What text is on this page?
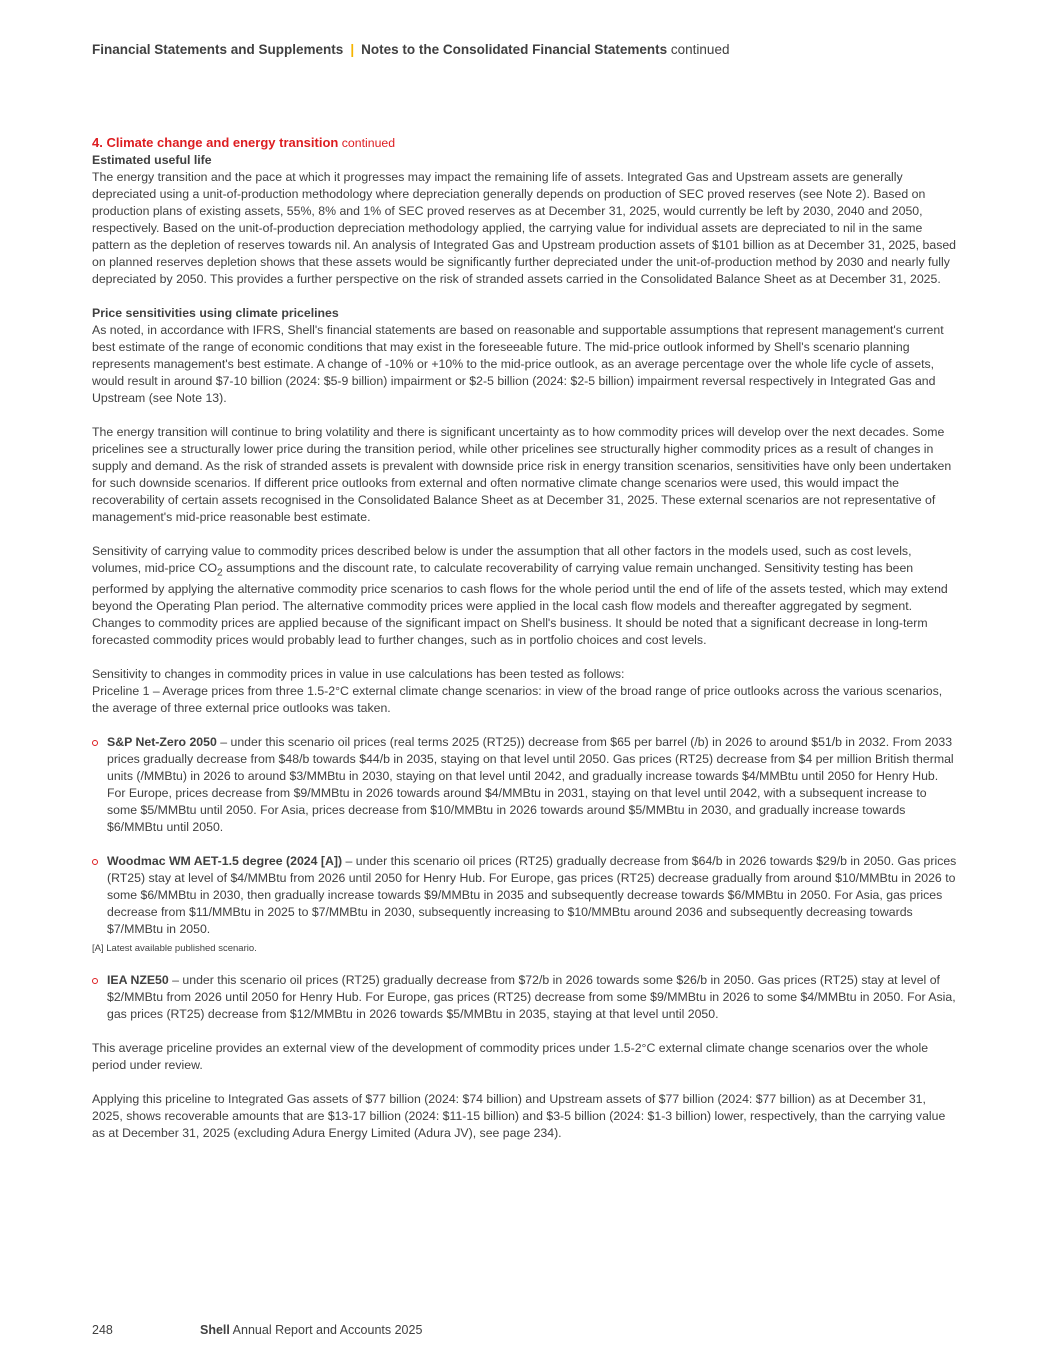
Financial Statements and Supplements | Notes to the Consolidated Financial Statements continued

4. Climate change and energy transition continued

Estimated useful life

The energy transition and the pace at which it progresses may impact the remaining life of assets. Integrated Gas and Upstream assets are generally depreciated using a unit-of-production methodology where depreciation generally depends on production of SEC proved reserves (see Note 2). Based on production plans of existing assets, 55%, 8% and 1% of SEC proved reserves as at December 31, 2025, would currently be left by 2030, 2040 and 2050, respectively. Based on the unit-of-production depreciation methodology applied, the carrying value for individual assets are depreciated to nil in the same pattern as the depletion of reserves towards nil. An analysis of Integrated Gas and Upstream production assets of $101 billion as at December 31, 2025, based on planned reserves depletion shows that these assets would be significantly further depreciated under the unit-of-production method by 2030 and nearly fully depreciated by 2050. This provides a further perspective on the risk of stranded assets carried in the Consolidated Balance Sheet as at December 31, 2025.

Price sensitivities using climate pricelines

As noted, in accordance with IFRS, Shell's financial statements are based on reasonable and supportable assumptions that represent management's current best estimate of the range of economic conditions that may exist in the foreseeable future. The mid-price outlook informed by Shell's scenario planning represents management's best estimate. A change of -10% or +10% to the mid-price outlook, as an average percentage over the whole life cycle of assets, would result in around $7-10 billion (2024: $5-9 billion) impairment or $2-5 billion (2024: $2-5 billion) impairment reversal respectively in Integrated Gas and Upstream (see Note 13).

The energy transition will continue to bring volatility and there is significant uncertainty as to how commodity prices will develop over the next decades. Some pricelines see a structurally lower price during the transition period, while other pricelines see structurally higher commodity prices as a result of changes in supply and demand. As the risk of stranded assets is prevalent with downside price risk in energy transition scenarios, sensitivities have only been undertaken for such downside scenarios. If different price outlooks from external and often normative climate change scenarios were used, this would impact the recoverability of certain assets recognised in the Consolidated Balance Sheet as at December 31, 2025. These external scenarios are not representative of management's mid-price reasonable best estimate.

Sensitivity of carrying value to commodity prices described below is under the assumption that all other factors in the models used, such as cost levels, volumes, mid-price $CO_2$ assumptions and the discount rate, to calculate recoverability of carrying value remain unchanged. Sensitivity testing has been performed by applying the alternative commodity price scenarios to cash flows for the whole period until the end of life of the assets tested, which may extend beyond the Operating Plan period. The alternative commodity prices were applied in the local cash flow models and thereafter aggregated by segment. Changes to commodity prices are applied because of the significant impact on Shell's business. It should be noted that a significant decrease in long-term forecasted commodity prices would probably lead to further changes, such as in portfolio choices and cost levels.

Sensitivity to changes in commodity prices in value in use calculations has been tested as follows:

Priceline 1 – Average prices from three 1.5-2°C external climate change scenarios: in view of the broad range of price outlooks across the various scenarios, the average of three external price outlooks was taken.

S&P Net-Zero 2050 – under this scenario oil prices (real terms 2025 (RT25)) decrease from $65 per barrel (/b) in 2026 to around $51/b in 2032. From 2033 prices gradually decrease from $48/b towards $44/b in 2035, staying on that level until 2050. Gas prices (RT25) decrease from $4 per million British thermal units (/MMBtu) in 2026 to around $3/MMBtu in 2030, staying on that level until 2042, and gradually increase towards $4/MMBtu until 2050 for Henry Hub. For Europe, prices decrease from $9/MMBtu in 2026 towards around $4/MMBtu in 2031, staying on that level until 2042, with a subsequent increase to some $5/MMBtu until 2050. For Asia, prices decrease from $10/MMBtu in 2026 towards around $5/MMBtu in 2030, and gradually increase towards $6/MMBtu until 2050.

Woodmac WM AET-1.5 degree (2024 [A]) – under this scenario oil prices (RT25) gradually decrease from $64/b in 2026 towards $29/b in 2050. Gas prices (RT25) stay at level of $4/MMBtu from 2026 until 2050 for Henry Hub. For Europe, gas prices (RT25) decrease gradually from around $10/MMBtu in 2026 to some $6/MMBtu in 2030, then gradually increase towards $9/MMBtu in 2035 and subsequently decrease towards $6/MMBtu in 2050. For Asia, gas prices decrease from $11/MMBtu in 2025 to $7/MMBtu in 2030, subsequently increasing to $10/MMBtu around 2036 and subsequently decreasing towards $7/MMBtu in 2050.

[A] Latest available published scenario.

IEA NZE50 – under this scenario oil prices (RT25) gradually decrease from $72/b in 2026 towards some $26/b in 2050. Gas prices (RT25) stay at level of $2/MMBtu from 2026 until 2050 for Henry Hub. For Europe, gas prices (RT25) decrease from some $9/MMBtu in 2026 to some $4/MMBtu in 2050. For Asia, gas prices (RT25) decrease from $12/MMBtu in 2026 towards $5/MMBtu in 2035, staying at that level until 2050.

This average priceline provides an external view of the development of commodity prices under 1.5-2°C external climate change scenarios over the whole period under review.

Applying this priceline to Integrated Gas assets of $77 billion (2024: $74 billion) and Upstream assets of $77 billion (2024: $77 billion) as at December 31, 2025, shows recoverable amounts that are $13-17 billion (2024: $11-15 billion) and $3-5 billion (2024: $1-3 billion) lower, respectively, than the carrying value as at December 31, 2025 (excluding Adura Energy Limited (Adura JV), see page 234).

248	Shell Annual Report and Accounts 2025
